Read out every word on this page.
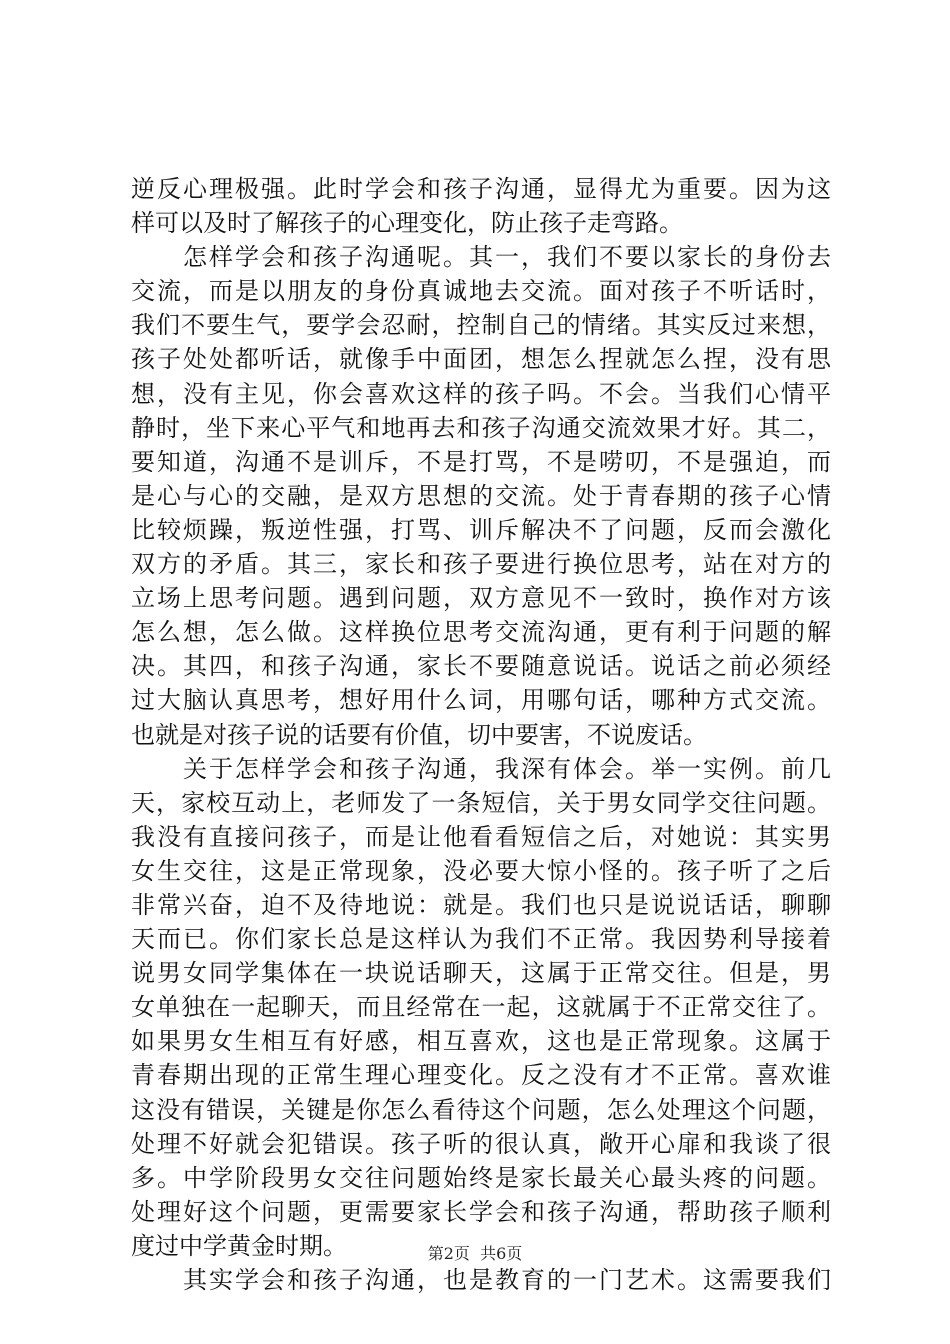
逆反心理极强。此时学会和孩子沟通，显得尤为重要。因为这
样可以及时了解孩子的心理变化，防止孩子走弯路。
　　怎样学会和孩子沟通呢。其一，我们不要以家长的身份去
交流，而是以朋友的身份真诚地去交流。面对孩子不听话时，
我们不要生气，要学会忍耐，控制自己的情绪。其实反过来想，
孩子处处都听话，就像手中面团，想怎么捏就怎么捏，没有思
想，没有主见，你会喜欢这样的孩子吗。不会。当我们心情平
静时，坐下来心平气和地再去和孩子沟通交流效果才好。其二，
要知道，沟通不是训斥，不是打骂，不是唠叨，不是强迫，而
是心与心的交融，是双方思想的交流。处于青春期的孩子心情
比较烦躁，叛逆性强，打骂、训斥解决不了问题，反而会激化
双方的矛盾。其三，家长和孩子要进行换位思考，站在对方的
立场上思考问题。遇到问题，双方意见不一致时，换作对方该
怎么想，怎么做。这样换位思考交流沟通，更有利于问题的解
决。其四，和孩子沟通，家长不要随意说话。说话之前必须经
过大脑认真思考，想好用什么词，用哪句话，哪种方式交流。
也就是对孩子说的话要有价值，切中要害，不说废话。
　　关于怎样学会和孩子沟通，我深有体会。举一实例。前几
天，家校互动上，老师发了一条短信，关于男女同学交往问题。
我没有直接问孩子，而是让他看看短信之后，对她说：其实男
女生交往，这是正常现象，没必要大惊小怪的。孩子听了之后
非常兴奋，迫不及待地说：就是。我们也只是说说话话，聊聊
天而已。你们家长总是这样认为我们不正常。我因势利导接着
说男女同学集体在一块说话聊天，这属于正常交往。但是，男
女单独在一起聊天，而且经常在一起，这就属于不正常交往了。
如果男女生相互有好感，相互喜欢，这也是正常现象。这属于
青春期出现的正常生理心理变化。反之没有才不正常。喜欢谁
这没有错误，关键是你怎么看待这个问题，怎么处理这个问题，
处理不好就会犯错误。孩子听的很认真，敞开心扉和我谈了很
多。中学阶段男女交往问题始终是家长最关心最头疼的问题。
处理好这个问题，更需要家长学会和孩子沟通，帮助孩子顺利
度过中学黄金时期。
　　其实学会和孩子沟通，也是教育的一门艺术。这需要我们
第2页 共6页
